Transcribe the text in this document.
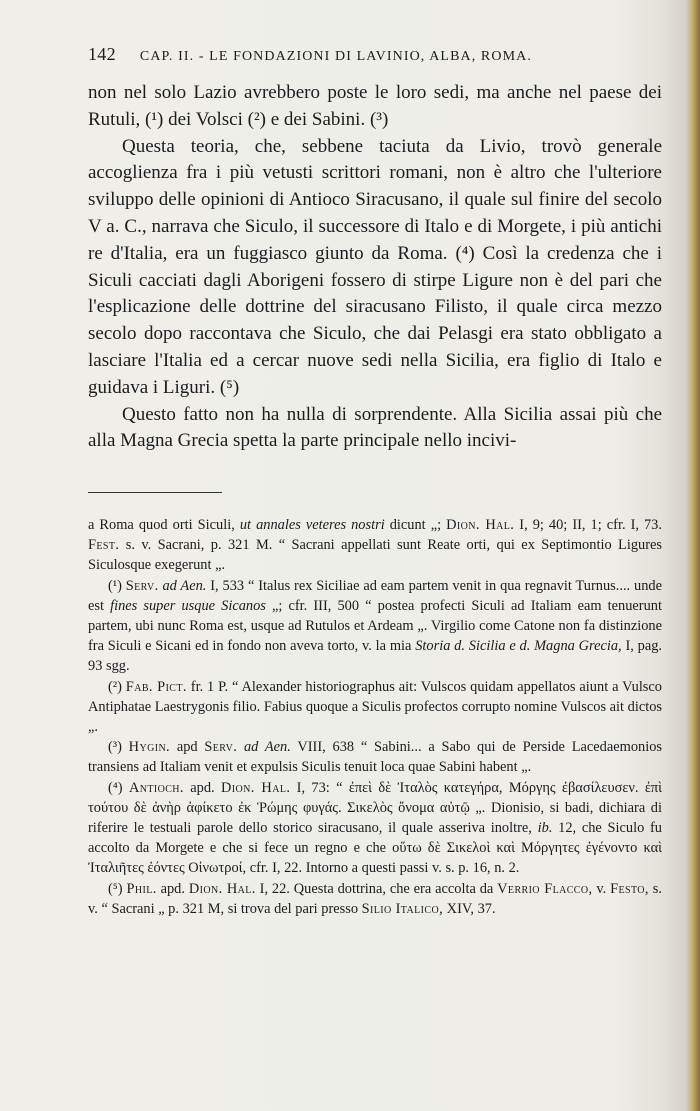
142 CAP. II. - LE FONDAZIONI DI LAVINIO, ALBA, ROMA.

non nel solo Lazio avrebbero poste le loro sedi, ma anche nel paese dei Rutuli, (¹) dei Volsci (²) e dei Sabini. (³)

Questa teoria, che, sebbene taciuta da Livio, trovò generale accoglienza fra i più vetusti scrittori romani, non è altro che l'ulteriore sviluppo delle opinioni di Antioco Siracusano, il quale sul finire del secolo V a. C., narrava che Siculo, il successore di Italo e di Morgete, i più antichi re d'Italia, era un fuggiasco giunto da Roma. (⁴) Così la credenza che i Siculi cacciati dagli Aborigeni fossero di stirpe Ligure non è del pari che l'esplicazione delle dottrine del siracusano Filisto, il quale circa mezzo secolo dopo raccontava che Siculo, che dai Pelasgi era stato obbligato a lasciare l'Italia ed a cercar nuove sedi nella Sicilia, era figlio di Italo e guidava i Liguri. (⁵)

Questo fatto non ha nulla di sorprendente. Alla Sicilia assai più che alla Magna Grecia spetta la parte principale nello incivi-

a Roma quod orti Siculi, ut annales veteres nostri dicunt „; Dion. Hal. I, 9; 40; II, 1; cfr. I, 73. Fest. s. v. Sacrani, p. 321 M. “ Sacrani appellati sunt Reate orti, qui ex Septimontio Ligures Siculosque exegerunt „.

(¹) Serv. ad Aen. I, 533 “ Italus rex Siciliae ad eam partem venit in qua regnavit Turnus.... unde est fines super usque Sicanos „; cfr. III, 500 “ postea profecti Siculi ad Italiam eam tenuerunt partem, ubi nunc Roma est, usque ad Rutulos et Ardeam „. Virgilio come Catone non fa distinzione fra Siculi e Sicani ed in fondo non aveva torto, v. la mia Storia d. Sicilia e d. Magna Grecia, I, pag. 93 sgg.

(²) Fab. Pict. fr. 1 P. “ Alexander historiographus ait: Vulscos quidam appellatos aiunt a Vulsco Antiphatae Laestrygonis filio. Fabius quoque a Siculis profectos corrupto nomine Vulscos ait dictos „.

(³) Hygin. apd Serv. ad Aen. VIII, 638 “ Sabini... a Sabo qui de Perside Lacedaemonios transiens ad Italiam venit et expulsis Siculis tenuit loca quae Sabini habent „.

(⁴) Antioch. apd. Dion. Hal. I, 73: “ ἐπεὶ δὲ Ἰταλὸς κατεγήρα, Μόργης ἐβασίλευσεν. ἐπὶ τούτου δὲ ἀνὴρ ἀφίκετο ἐκ Ῥώμης φυγάς. Σικελὸς ὄνομα αὐτῷ „. Dionisio, si badi, dichiara di riferire le testuali parole dello storico siracusano, il quale asseriva inoltre, ib. 12, che Siculo fu accolto da Morgete e che si fece un regno e che οὕτω δὲ Σικελοὶ καὶ Μόργητες ἐγένοντο καὶ Ἰταλιῆτες ἐόντες Οἰνωτροί, cfr. I, 22. Intorno a questi passi v. s. p. 16, n. 2.

(⁵) Phil. apd. Dion. Hal. I, 22. Questa dottrina, che era accolta da Verrio Flacco, v. Festo, s. v. “ Sacrani „ p. 321 M, si trova del pari presso Silio Italico, XIV, 37.
